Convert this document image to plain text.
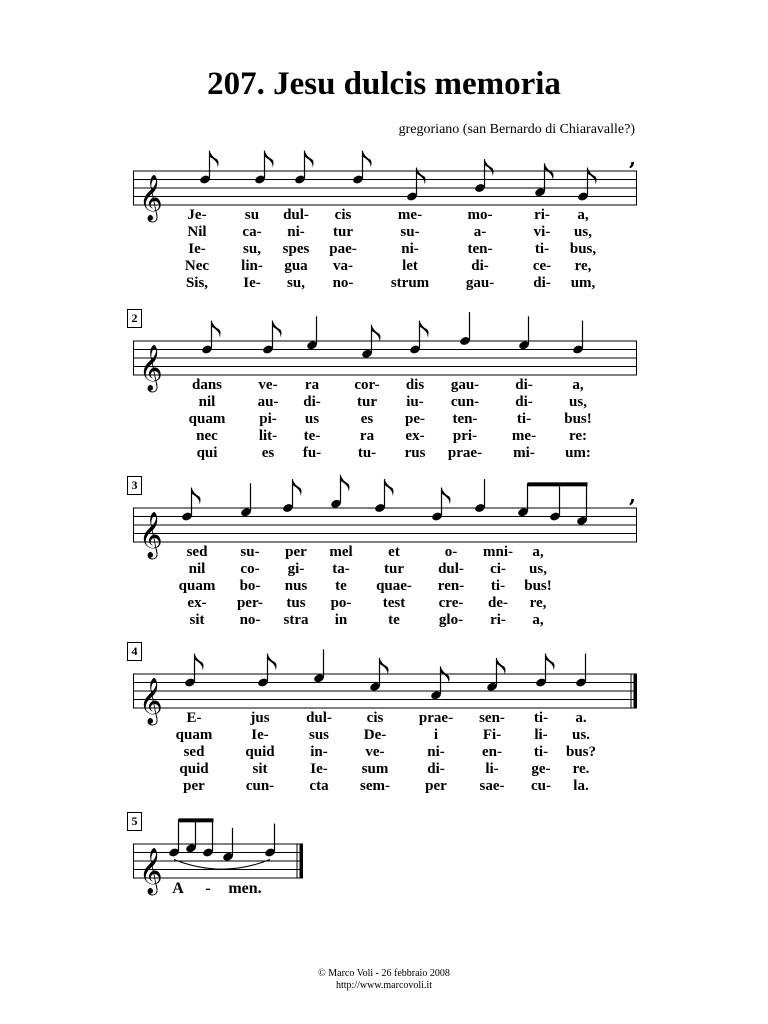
207. Jesu dulcis memoria
gregoriano (san Bernardo di Chiaravalle?)
𝄞
,
Je-	su dul- cis	me-	mo-	ri- a,
Nil ca- ni- tur	su-	a-	vi- us,
Ie- su, spes pae-	ni-	ten-	ti- bus,
Nec lin- gua va-	let	di-	ce- re,
Sis, Ie- su, no- strum gau-	di- um,
𝄞
2
dans ve- ra cor- dis gau- di-	a,
nil	au- di- tur iu- cun- di- us,
quam pi- us	es pe- ten-	ti- bus!
nec	lit- te-	ra ex- pri- me- re:
qui	es fu- tu- rus prae- mi- um:
𝄞
,
3
sed su- per mel et	o- mni- a,
nil co- gi- ta- tur dul- ci- us,
quam bo- nus te quae- ren- ti- bus!
ex- per- tus po- test cre- de- re,
sit no- stra in	te	glo- ri- a,
𝄞
4
E-	jus dul- cis prae- sen- ti- a.
quam	Ie-	sus De-	i	Fi- li- us.
sed	quid in-	ve-	ni- en- ti- bus?
quid	sit	Ie- sum	di-	li- ge- re.
per	cun- cta sem- per sae- cu- la.
𝄞
5
A - men.
© Marco Voli - 26 febbraio 2008
http://www.marcovoli.it
